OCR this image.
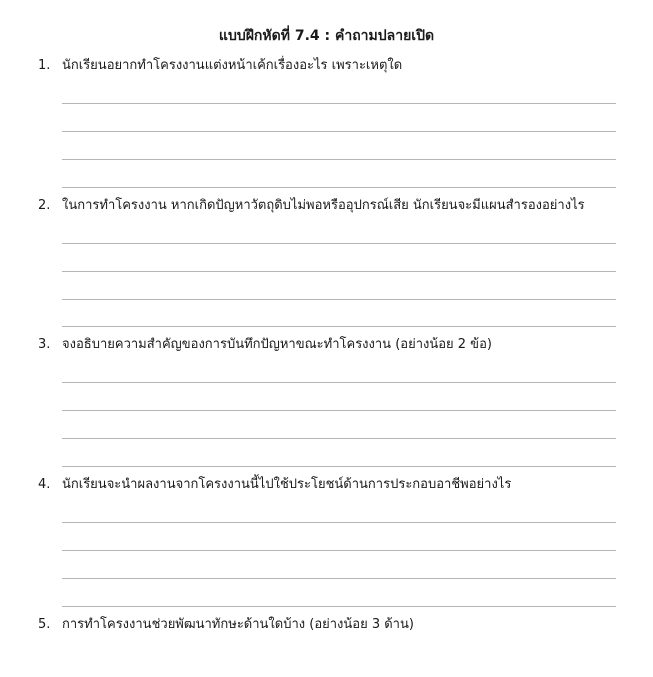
แบบฝึกหัดที่ 7.4 : คำถามปลายเปิด
1. นักเรียนอยากทำโครงงานแต่งหน้าเค้กเรื่องอะไร เพราะเหตุใด
2. ในการทำโครงงาน หากเกิดปัญหาวัตถุดิบไม่พอหรืออุปกรณ์เสีย นักเรียนจะมีแผนสำรองอย่างไร
3. จงอธิบายความสำคัญของการบันทึกปัญหาขณะทำโครงงาน (อย่างน้อย 2 ข้อ)
4. นักเรียนจะนำผลงานจากโครงงานนี้ไปใช้ประโยชน์ด้านการประกอบอาชีพอย่างไร
5. การทำโครงงานช่วยพัฒนาทักษะด้านใดบ้าง (อย่างน้อย 3 ด้าน)
